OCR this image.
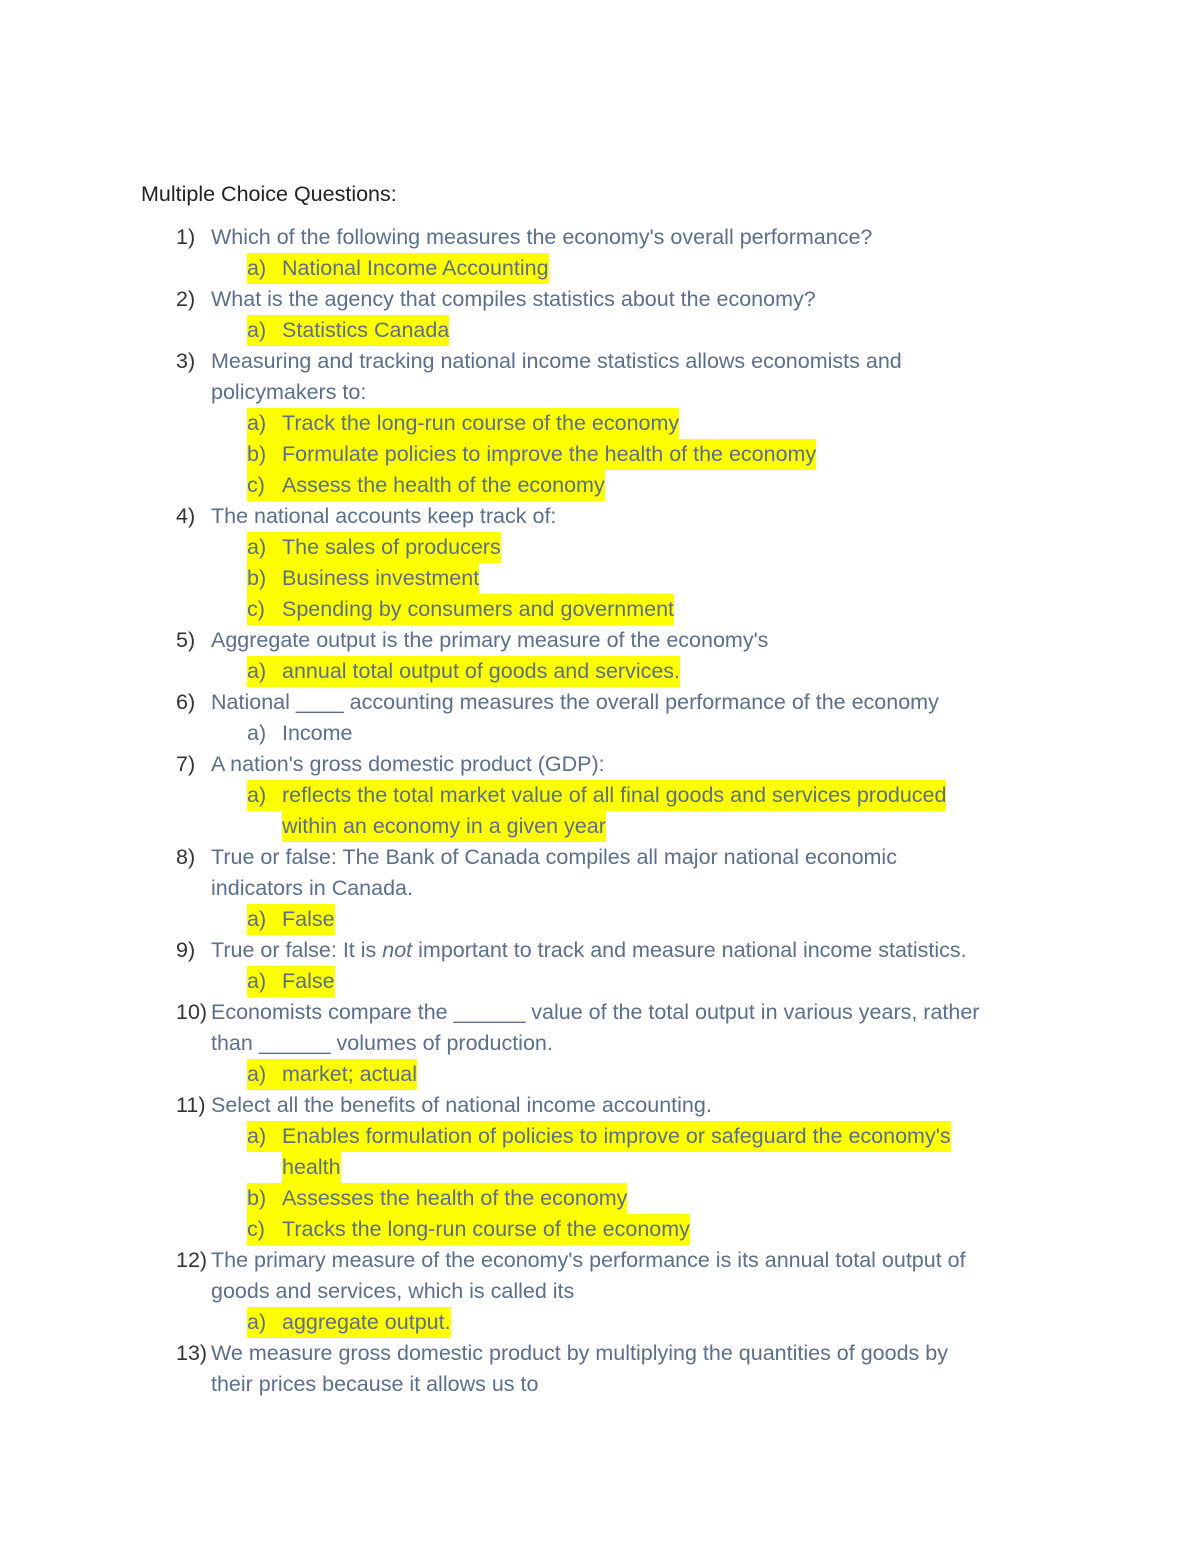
Multiple Choice Questions:
1) Which of the following measures the economy's overall performance?
a) National Income Accounting
2) What is the agency that compiles statistics about the economy?
a) Statistics Canada
3) Measuring and tracking national income statistics allows economists and
policymakers to:
a) Track the long-run course of the economy
b) Formulate policies to improve the health of the economy
c) Assess the health of the economy
4) The national accounts keep track of:
a) The sales of producers
b) Business investment
c) Spending by consumers and government
5) Aggregate output is the primary measure of the economy's
a) annual total output of goods and services.
6) National ____ accounting measures the overall performance of the economy
a) Income
7) A nation's gross domestic product (GDP):
a) reflects the total market value of all final goods and services produced
within an economy in a given year
8) True or false: The Bank of Canada compiles all major national economic
indicators in Canada.
a) False
9) True or false: It is not important to track and measure national income statistics.
a) False
10) Economists compare the ______ value of the total output in various years, rather
than ______ volumes of production.
a) market; actual
11) Select all the benefits of national income accounting.
a) Enables formulation of policies to improve or safeguard the economy's
health
b) Assesses the health of the economy
c) Tracks the long-run course of the economy
12) The primary measure of the economy's performance is its annual total output of
goods and services, which is called its
a) aggregate output.
13) We measure gross domestic product by multiplying the quantities of goods by
their prices because it allows us to
